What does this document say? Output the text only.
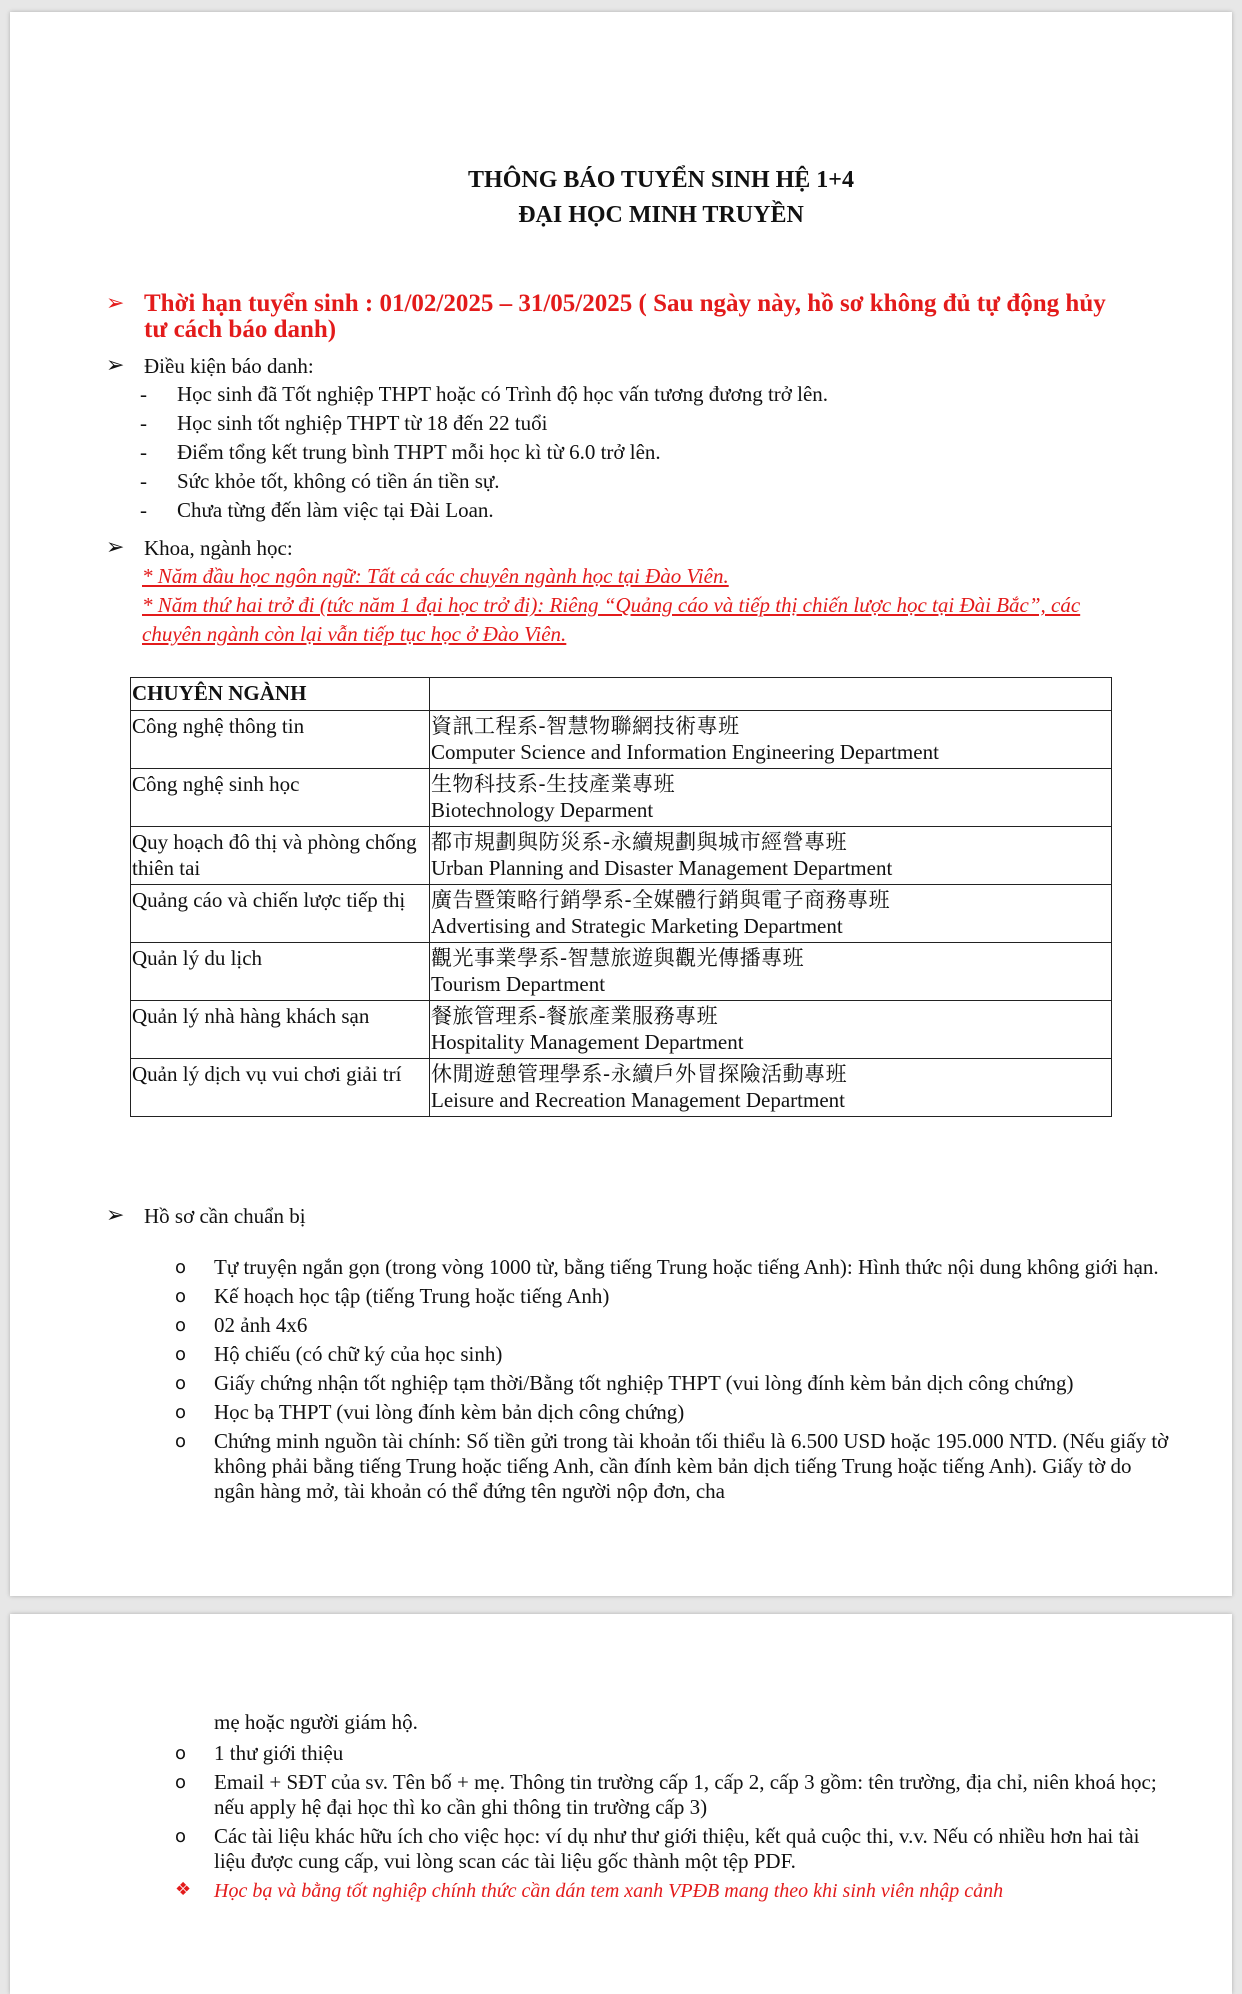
THÔNG BÁO TUYỂN SINH HỆ 1+4
ĐẠI HỌC MINH TRUYỀN
➢ Thời hạn tuyển sinh : 01/02/2025 – 31/05/2025 ( Sau ngày này, hồ sơ không đủ tự động hủy tư cách báo danh)
➢ Điều kiện báo danh:
- Học sinh đã Tốt nghiệp THPT hoặc có Trình độ học vấn tương đương trở lên.
- Học sinh tốt nghiệp THPT từ 18 đến 22 tuổi
- Điểm tổng kết trung bình THPT mỗi học kì từ 6.0 trở lên.
- Sức khỏe tốt, không có tiền án tiền sự.
- Chưa từng đến làm việc tại Đài Loan.
➢ Khoa, ngành học:
* Năm đầu học ngôn ngữ: Tất cả các chuyên ngành học tại Đào Viên.
* Năm thứ hai trở đi (tức năm 1 đại học trở đi): Riêng “Quảng cáo và tiếp thị chiến lược học tại Đài Bắc”, các chuyên ngành còn lại vẫn tiếp tục học ở Đào Viên.
CHUYÊN NGÀNH	
Công nghệ thông tin	資訊工程系-智慧物聯網技術專班
Computer Science and Information Engineering Department

Công nghệ sinh học	生物科技系-生技產業專班
Biotechnology Deparment

Quy hoạch đô thị và phòng chống thiên tai	都市規劃與防災系-永續規劃與城市經營專班
Urban Planning and Disaster Management Department

Quảng cáo và chiến lược tiếp thị	廣告暨策略行銷學系-全媒體行銷與電子商務專班
Advertising and Strategic Marketing Department

Quản lý du lịch	觀光事業學系-智慧旅遊與觀光傳播專班
Tourism Department

Quản lý nhà hàng khách sạn	餐旅管理系-餐旅產業服務專班
Hospitality Management Department

Quản lý dịch vụ vui chơi giải trí	休閒遊憩管理學系-永續戶外冒探險活動專班
Leisure and Recreation Management Department
➢ Hồ sơ cần chuẩn bị
o Tự truyện ngắn gọn (trong vòng 1000 từ, bằng tiếng Trung hoặc tiếng Anh): Hình thức nội dung không giới hạn.
o Kế hoạch học tập (tiếng Trung hoặc tiếng Anh)
o 02 ảnh 4x6
o Hộ chiếu (có chữ ký của học sinh)
o Giấy chứng nhận tốt nghiệp tạm thời/Bằng tốt nghiệp THPT (vui lòng đính kèm bản dịch công chứng)
o Học bạ THPT (vui lòng đính kèm bản dịch công chứng)
o Chứng minh nguồn tài chính: Số tiền gửi trong tài khoản tối thiểu là 6.500 USD hoặc 195.000 NTD. (Nếu giấy tờ không phải bằng tiếng Trung hoặc tiếng Anh, cần đính kèm bản dịch tiếng Trung hoặc tiếng Anh). Giấy tờ do ngân hàng mở, tài khoản có thể đứng tên người nộp đơn, cha
mẹ hoặc người giám hộ.
o 1 thư giới thiệu
o Email + SĐT của sv. Tên bố + mẹ. Thông tin trường cấp 1, cấp 2, cấp 3 gồm: tên trường, địa chỉ, niên khoá học; nếu apply hệ đại học thì ko cần ghi thông tin trường cấp 3)
o Các tài liệu khác hữu ích cho việc học: ví dụ như thư giới thiệu, kết quả cuộc thi, v.v. Nếu có nhiều hơn hai tài liệu được cung cấp, vui lòng scan các tài liệu gốc thành một tệp PDF.
❖ Học bạ và bằng tốt nghiệp chính thức cần dán tem xanh VPĐB mang theo khi sinh viên nhập cảnh
